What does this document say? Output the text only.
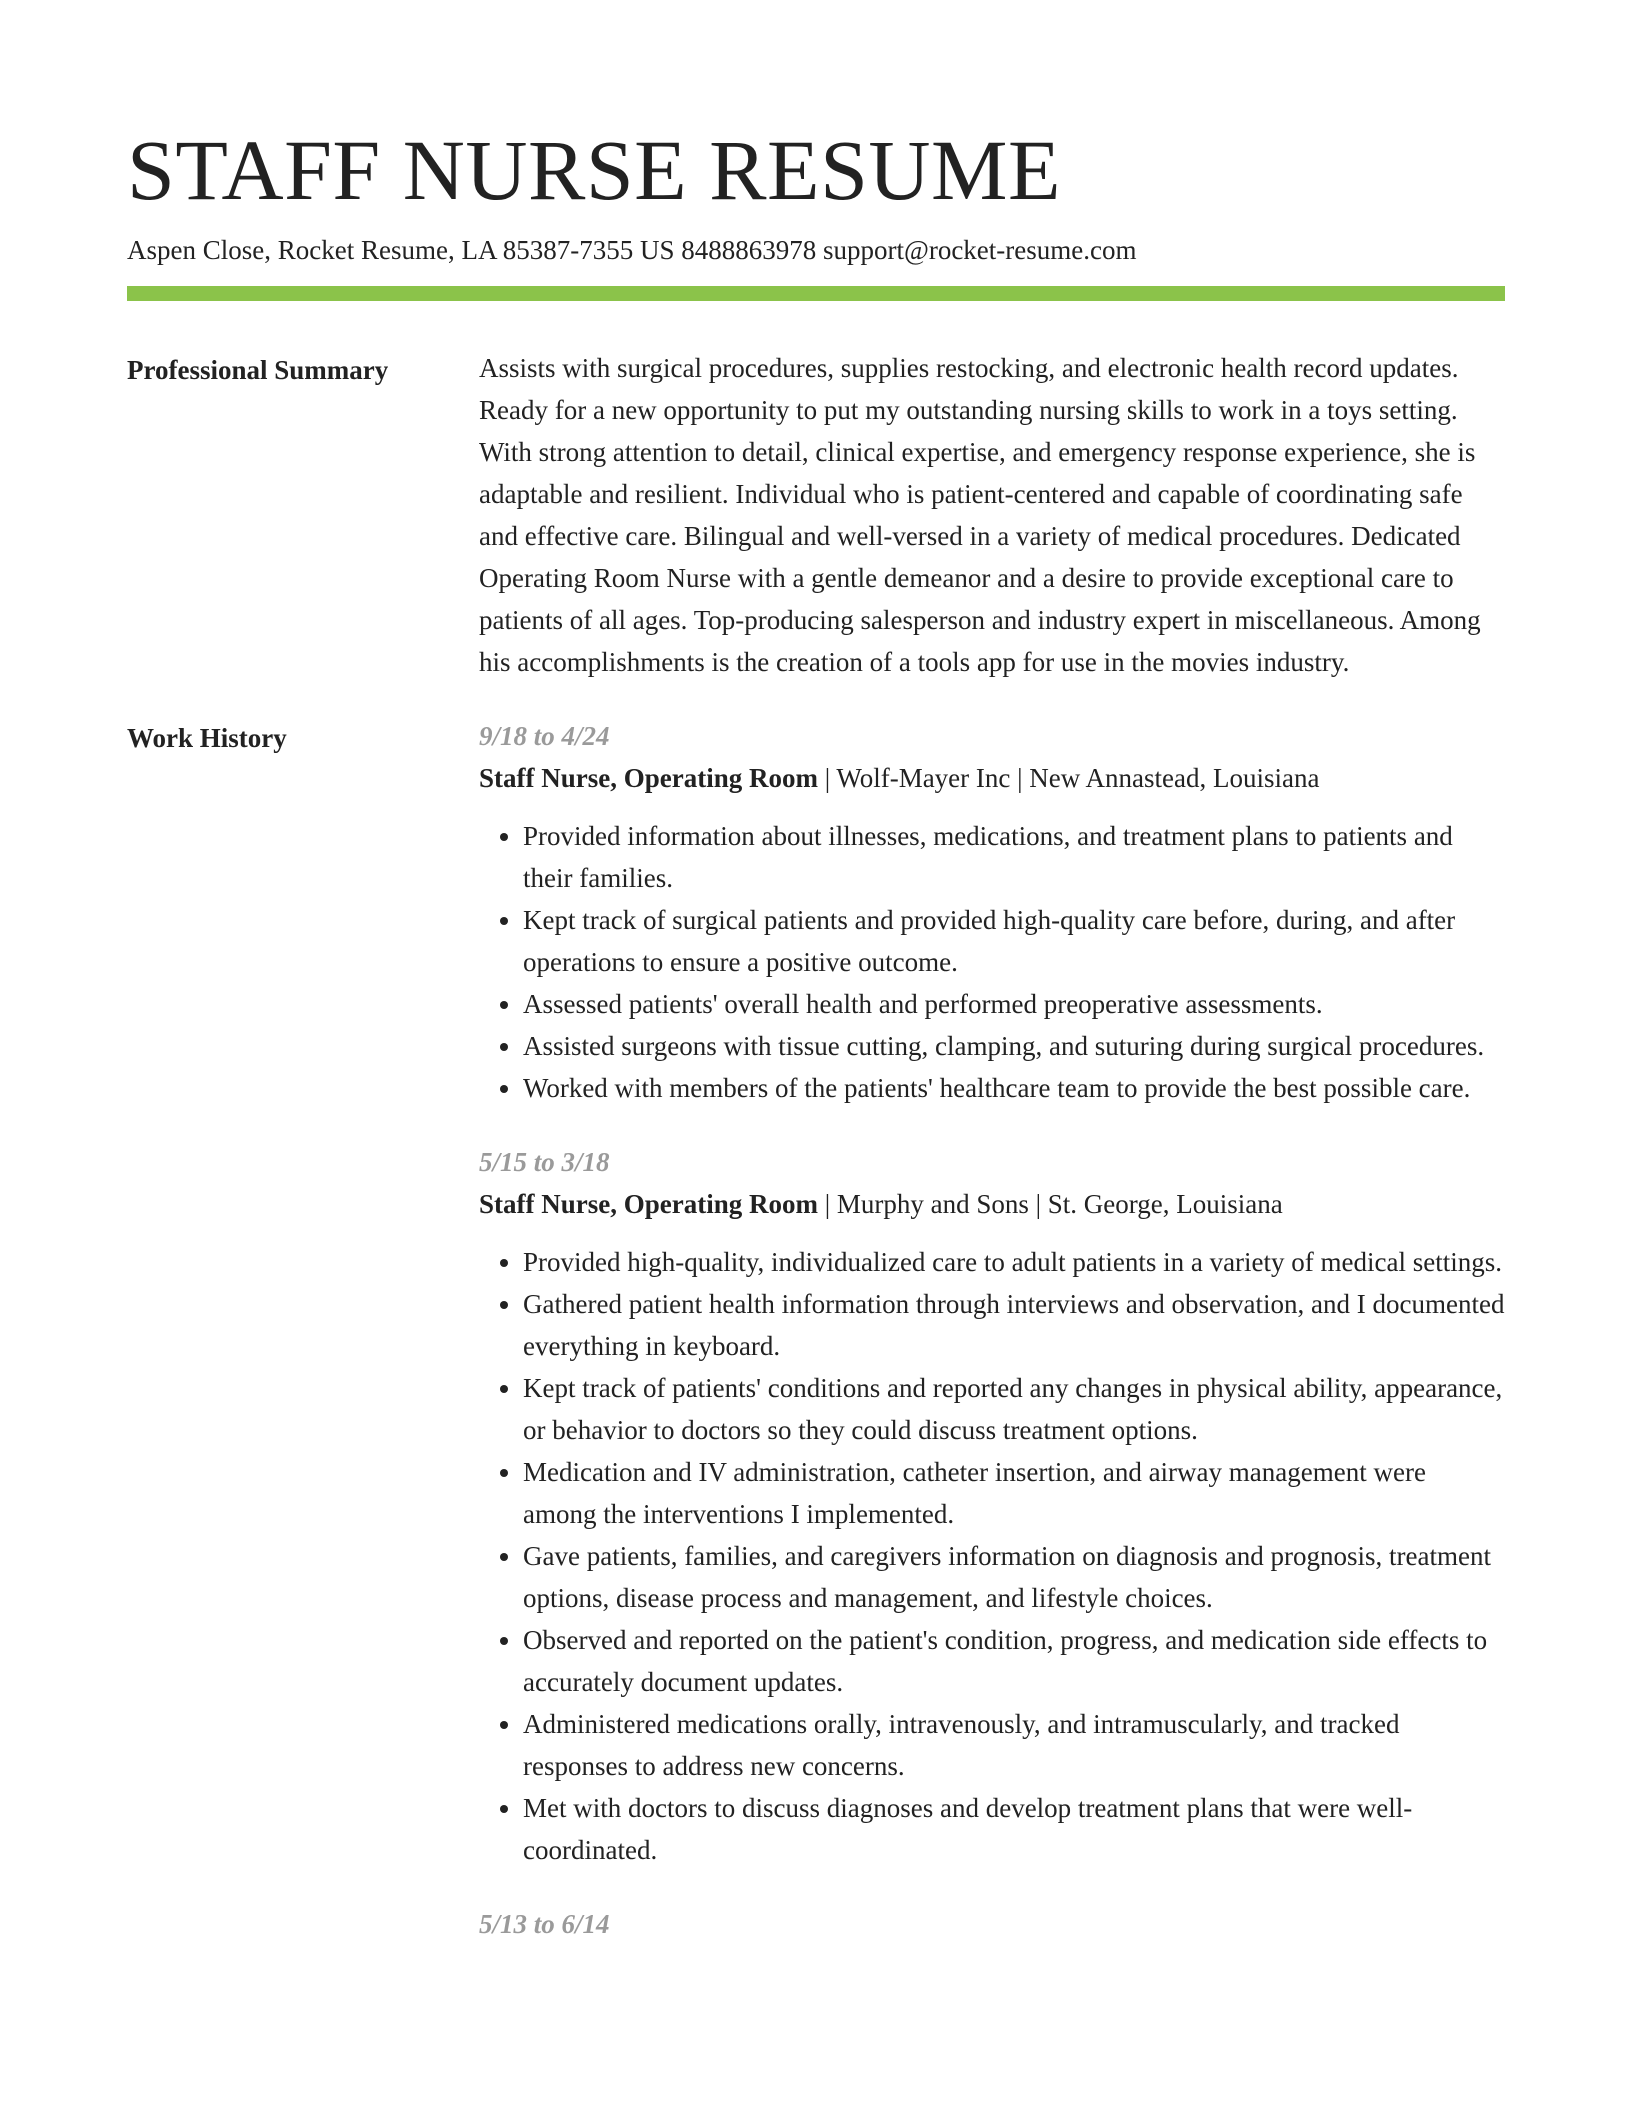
STAFF NURSE RESUME
Aspen Close, Rocket Resume, LA 85387-7355 US 8488863978 support@rocket-resume.com
Professional Summary	Assists with surgical procedures, supplies restocking, and electronic health record updates. Ready for a new opportunity to put my outstanding nursing skills to work in a toys setting. With strong attention to detail, clinical expertise, and emergency response experience, she is adaptable and resilient. Individual who is patient-centered and capable of coordinating safe and effective care. Bilingual and well-versed in a variety of medical procedures. Dedicated Operating Room Nurse with a gentle demeanor and a desire to provide exceptional care to patients of all ages. Top-producing salesperson and industry expert in miscellaneous. Among his accomplishments is the creation of a tools app for use in the movies industry.

Work History	9/18 to 4/24
Staff Nurse, Operating Room | Wolf-Mayer Inc | New Annastead, Louisiana
• Provided information about illnesses, medications, and treatment plans to patients and their families.
• Kept track of surgical patients and provided high-quality care before, during, and after operations to ensure a positive outcome.
• Assessed patients' overall health and performed preoperative assessments.
• Assisted surgeons with tissue cutting, clamping, and suturing during surgical procedures.
• Worked with members of the patients' healthcare team to provide the best possible care.
5/15 to 3/18
Staff Nurse, Operating Room | Murphy and Sons | St. George, Louisiana
• Provided high-quality, individualized care to adult patients in a variety of medical settings.
• Gathered patient health information through interviews and observation, and I documented everything in keyboard.
• Kept track of patients' conditions and reported any changes in physical ability, appearance, or behavior to doctors so they could discuss treatment options.
• Medication and IV administration, catheter insertion, and airway management were among the interventions I implemented.
• Gave patients, families, and caregivers information on diagnosis and prognosis, treatment options, disease process and management, and lifestyle choices.
• Observed and reported on the patient's condition, progress, and medication side effects to accurately document updates.
• Administered medications orally, intravenously, and intramuscularly, and tracked responses to address new concerns.
• Met with doctors to discuss diagnoses and develop treatment plans that were well-coordinated.
5/13 to 6/14
